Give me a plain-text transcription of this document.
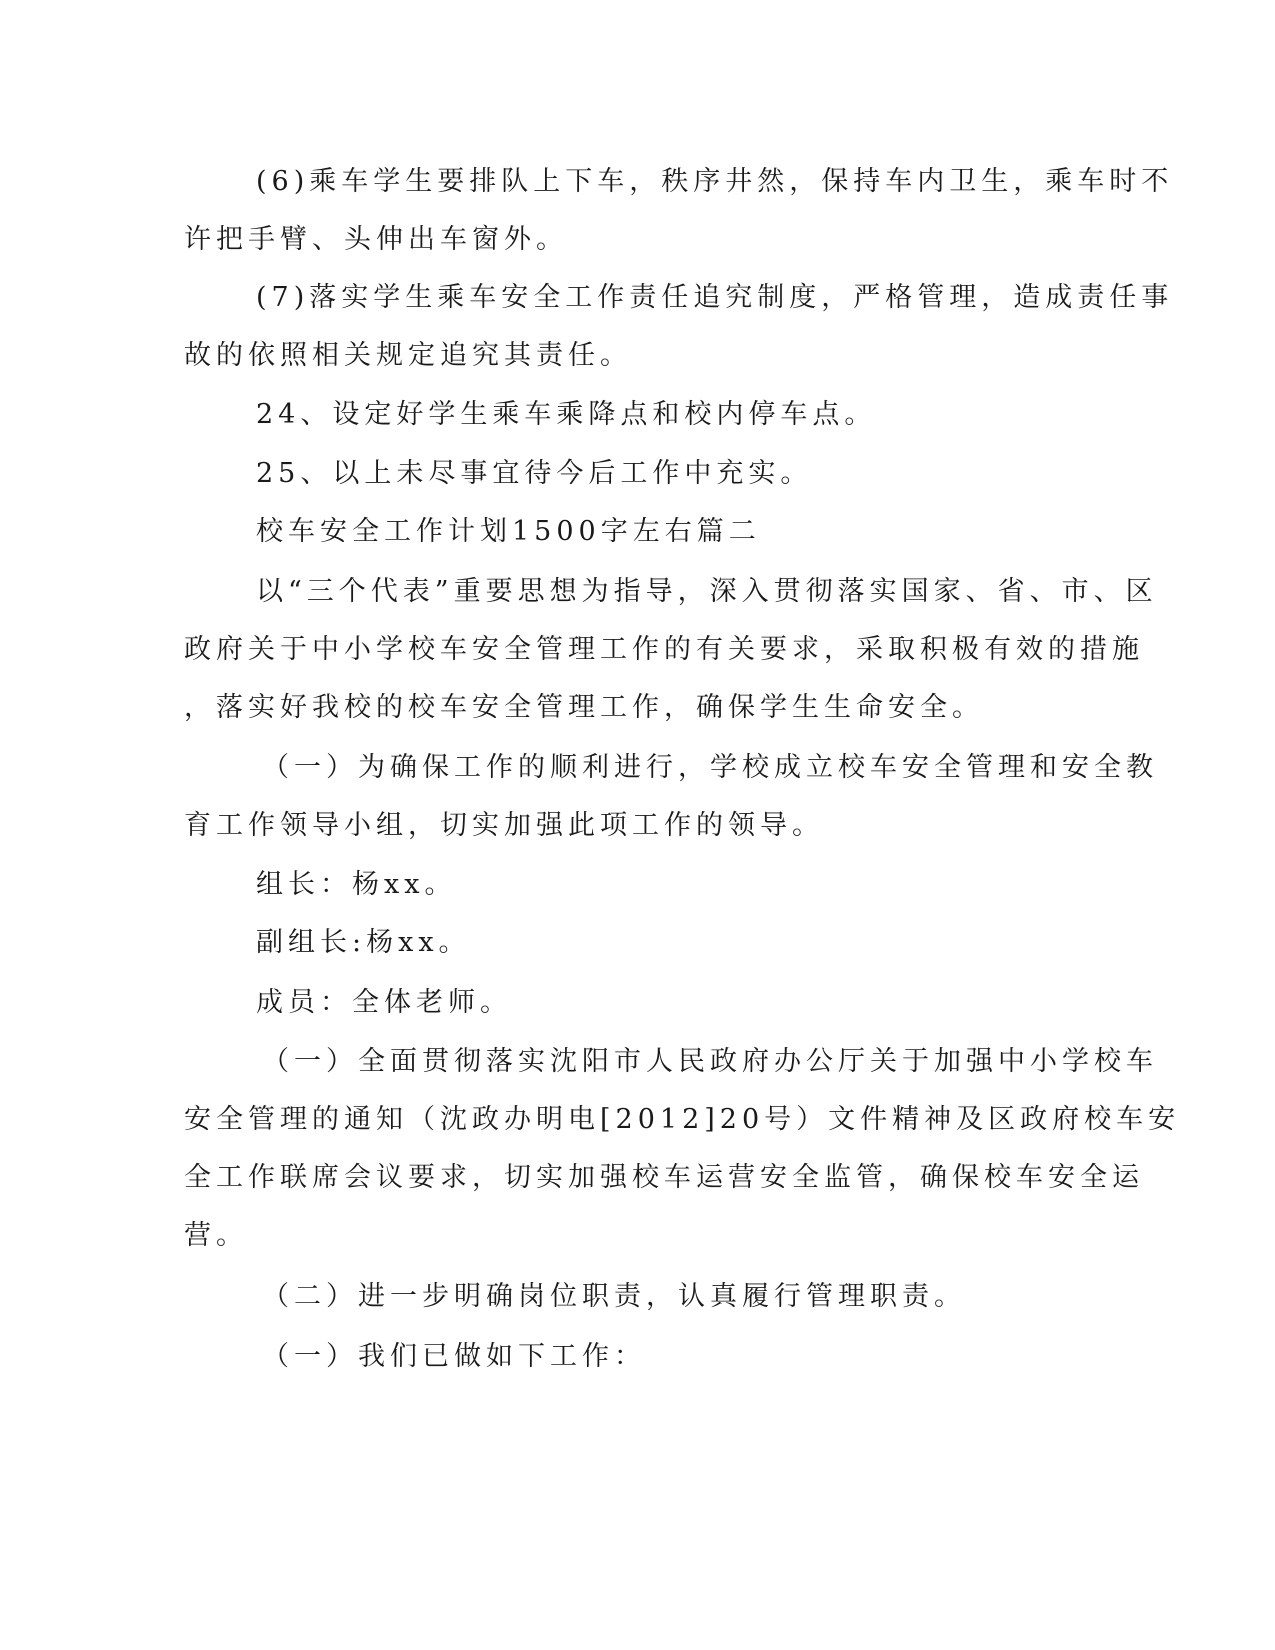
(6)乘车学生要排队上下车，秩序井然，保持车内卫生，乘车时不
许把手臂、头伸出车窗外。
(7)落实学生乘车安全工作责任追究制度，严格管理，造成责任事
故的依照相关规定追究其责任。
24、设定好学生乘车乘降点和校内停车点。
25、以上未尽事宜待今后工作中充实。
校车安全工作计划1500字左右篇二
以“三个代表”重要思想为指导，深入贯彻落实国家、省、市、区
政府关于中小学校车安全管理工作的有关要求，采取积极有效的措施
，落实好我校的校车安全管理工作，确保学生生命安全。
（一）为确保工作的顺利进行，学校成立校车安全管理和安全教
育工作领导小组，切实加强此项工作的领导。
组长：杨xx。
副组长:杨xx。
成员：全体老师。
（一）全面贯彻落实沈阳市人民政府办公厅关于加强中小学校车
安全管理的通知（沈政办明电[2012]20号）文件精神及区政府校车安
全工作联席会议要求，切实加强校车运营安全监管，确保校车安全运
营。
（二）进一步明确岗位职责，认真履行管理职责。
（一）我们已做如下工作：
